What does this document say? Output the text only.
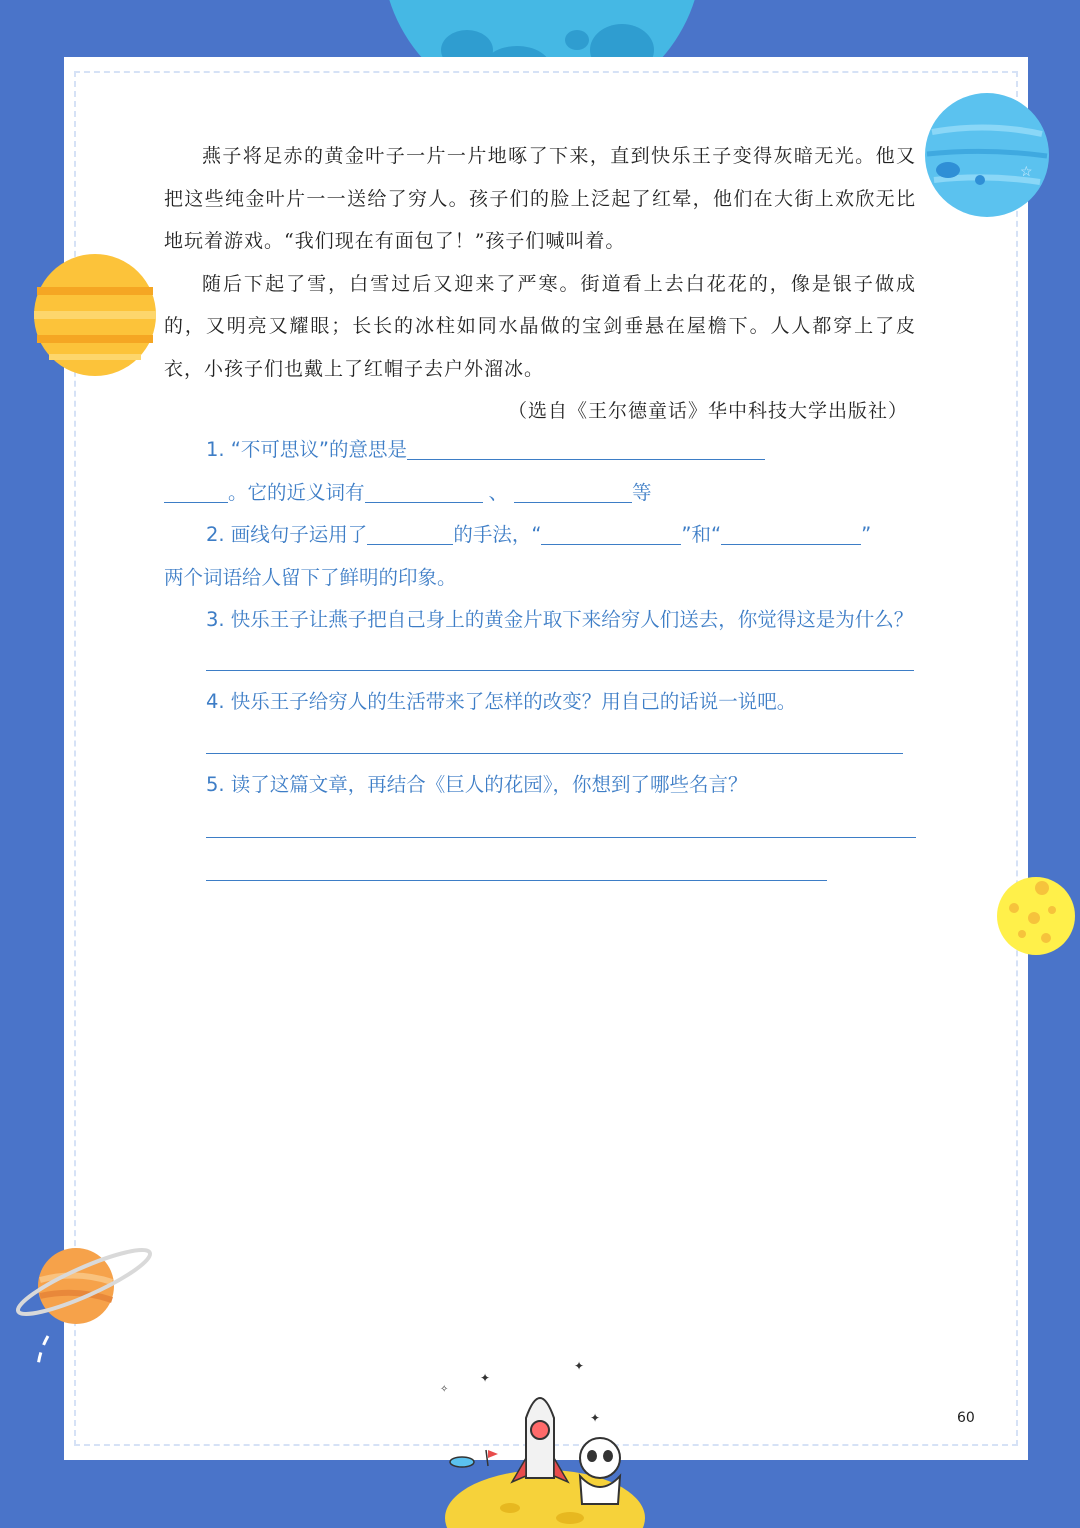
燕子将足赤的黄金叶子一片一片地啄了下来，直到快乐王子变得灰暗无光。他又把这些纯金叶片一一送给了穷人。孩子们的脸上泛起了红晕，他们在大街上欢欣无比地玩着游戏。“我们现在有面包了！”孩子们喊叫着。

随后下起了雪，白雪过后又迎来了严寒。街道看上去白花花的，像是银子做成的，又明亮又耀眼；长长的冰柱如同水晶做的宝剑垂悬在屋檐下。人人都穿上了皮衣，小孩子们也戴上了红帽子去户外溜冰。

（选自《王尔德童话》华中科技大学出版社）
1. “不可思议”的意思是
。它的近义词有	、	等
2. 画线句子运用了	的手法，“	”和“	”
两个词语给人留下了鲜明的印象。
3. 快乐王子让燕子把自己身上的黄金片取下来给穷人们送去，你觉得这是为什么？
4. 快乐王子给穷人的生活带来了怎样的改变？用自己的话说一说吧。
5. 读了这篇文章，再结合《巨人的花园》，你想到了哪些名言？
60
☆
✦
✦
✦
✧
